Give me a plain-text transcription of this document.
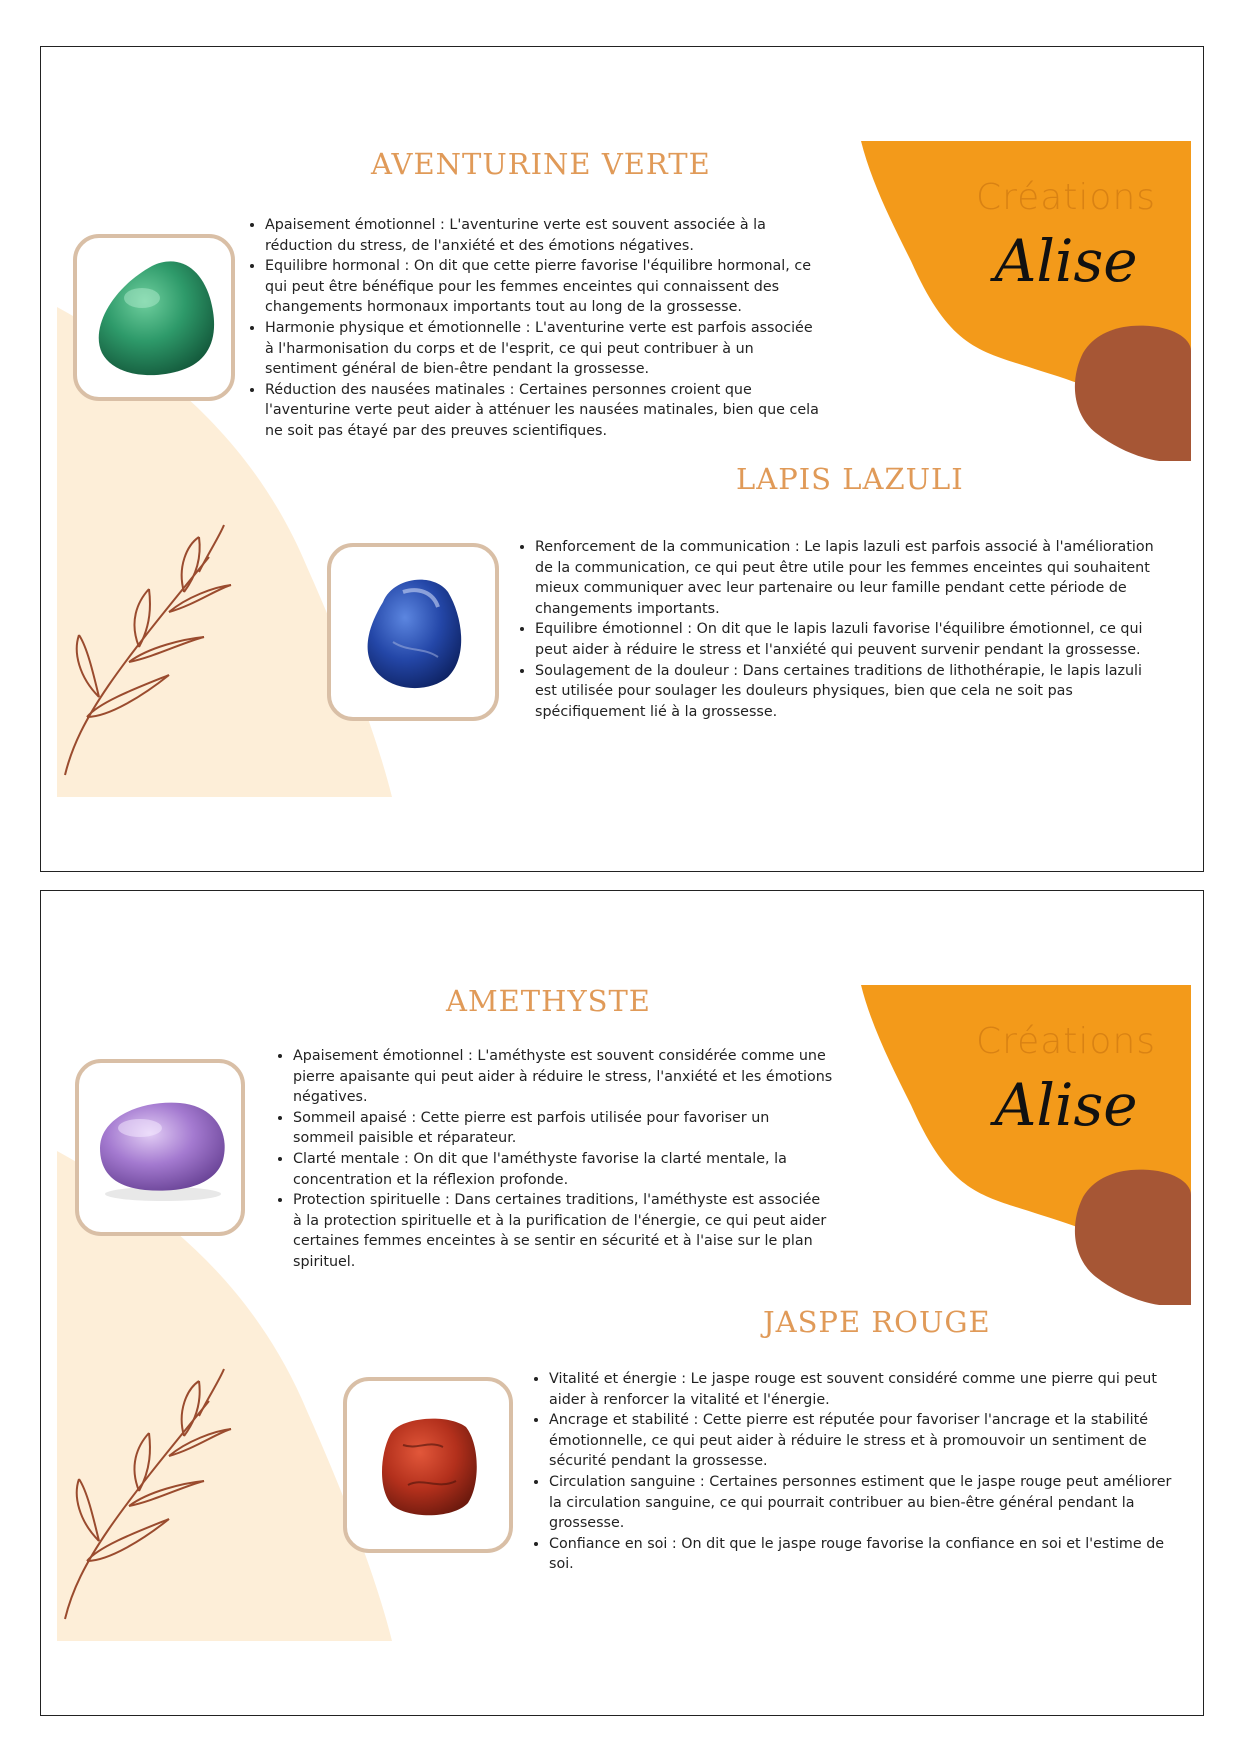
Créations
Alise
AVENTURINE VERTE
• Apaisement émotionnel : L'aventurine verte est souvent associée à la réduction du stress, de l'anxiété et des émotions négatives.
• Equilibre hormonal : On dit que cette pierre favorise l'équilibre hormonal, ce qui peut être bénéfique pour les femmes enceintes qui connaissent des changements hormonaux importants tout au long de la grossesse.
• Harmonie physique et émotionnelle : L'aventurine verte est parfois associée à l'harmonisation du corps et de l'esprit, ce qui peut contribuer à un sentiment général de bien-être pendant la grossesse.
• Réduction des nausées matinales : Certaines personnes croient que l'aventurine verte peut aider à atténuer les nausées matinales, bien que cela ne soit pas étayé par des preuves scientifiques.
LAPIS LAZULI
• Renforcement de la communication : Le lapis lazuli est parfois associé à l'amélioration de la communication, ce qui peut être utile pour les femmes enceintes qui souhaitent mieux communiquer avec leur partenaire ou leur famille pendant cette période de changements importants.
• Equilibre émotionnel : On dit que le lapis lazuli favorise l'équilibre émotionnel, ce qui peut aider à réduire le stress et l'anxiété qui peuvent survenir pendant la grossesse.
• Soulagement de la douleur : Dans certaines traditions de lithothérapie, le lapis lazuli est utilisée pour soulager les douleurs physiques, bien que cela ne soit pas spécifiquement lié à la grossesse.
Créations
Alise
AMETHYSTE
• Apaisement émotionnel : L'améthyste est souvent considérée comme une pierre apaisante qui peut aider à réduire le stress, l'anxiété et les émotions négatives.
• Sommeil apaisé : Cette pierre est parfois utilisée pour favoriser un sommeil paisible et réparateur.
• Clarté mentale : On dit que l'améthyste favorise la clarté mentale, la concentration et la réflexion profonde.
• Protection spirituelle : Dans certaines traditions, l'améthyste est associée à la protection spirituelle et à la purification de l'énergie, ce qui peut aider certaines femmes enceintes à se sentir en sécurité et à l'aise sur le plan spirituel.
JASPE ROUGE
• Vitalité et énergie : Le jaspe rouge est souvent considéré comme une pierre qui peut aider à renforcer la vitalité et l'énergie.
• Ancrage et stabilité : Cette pierre est réputée pour favoriser l'ancrage et la stabilité émotionnelle, ce qui peut aider à réduire le stress et à promouvoir un sentiment de sécurité pendant la grossesse.
• Circulation sanguine : Certaines personnes estiment que le jaspe rouge peut améliorer la circulation sanguine, ce qui pourrait contribuer au bien-être général pendant la grossesse.
• Confiance en soi : On dit que le jaspe rouge favorise la confiance en soi et l'estime de soi.
